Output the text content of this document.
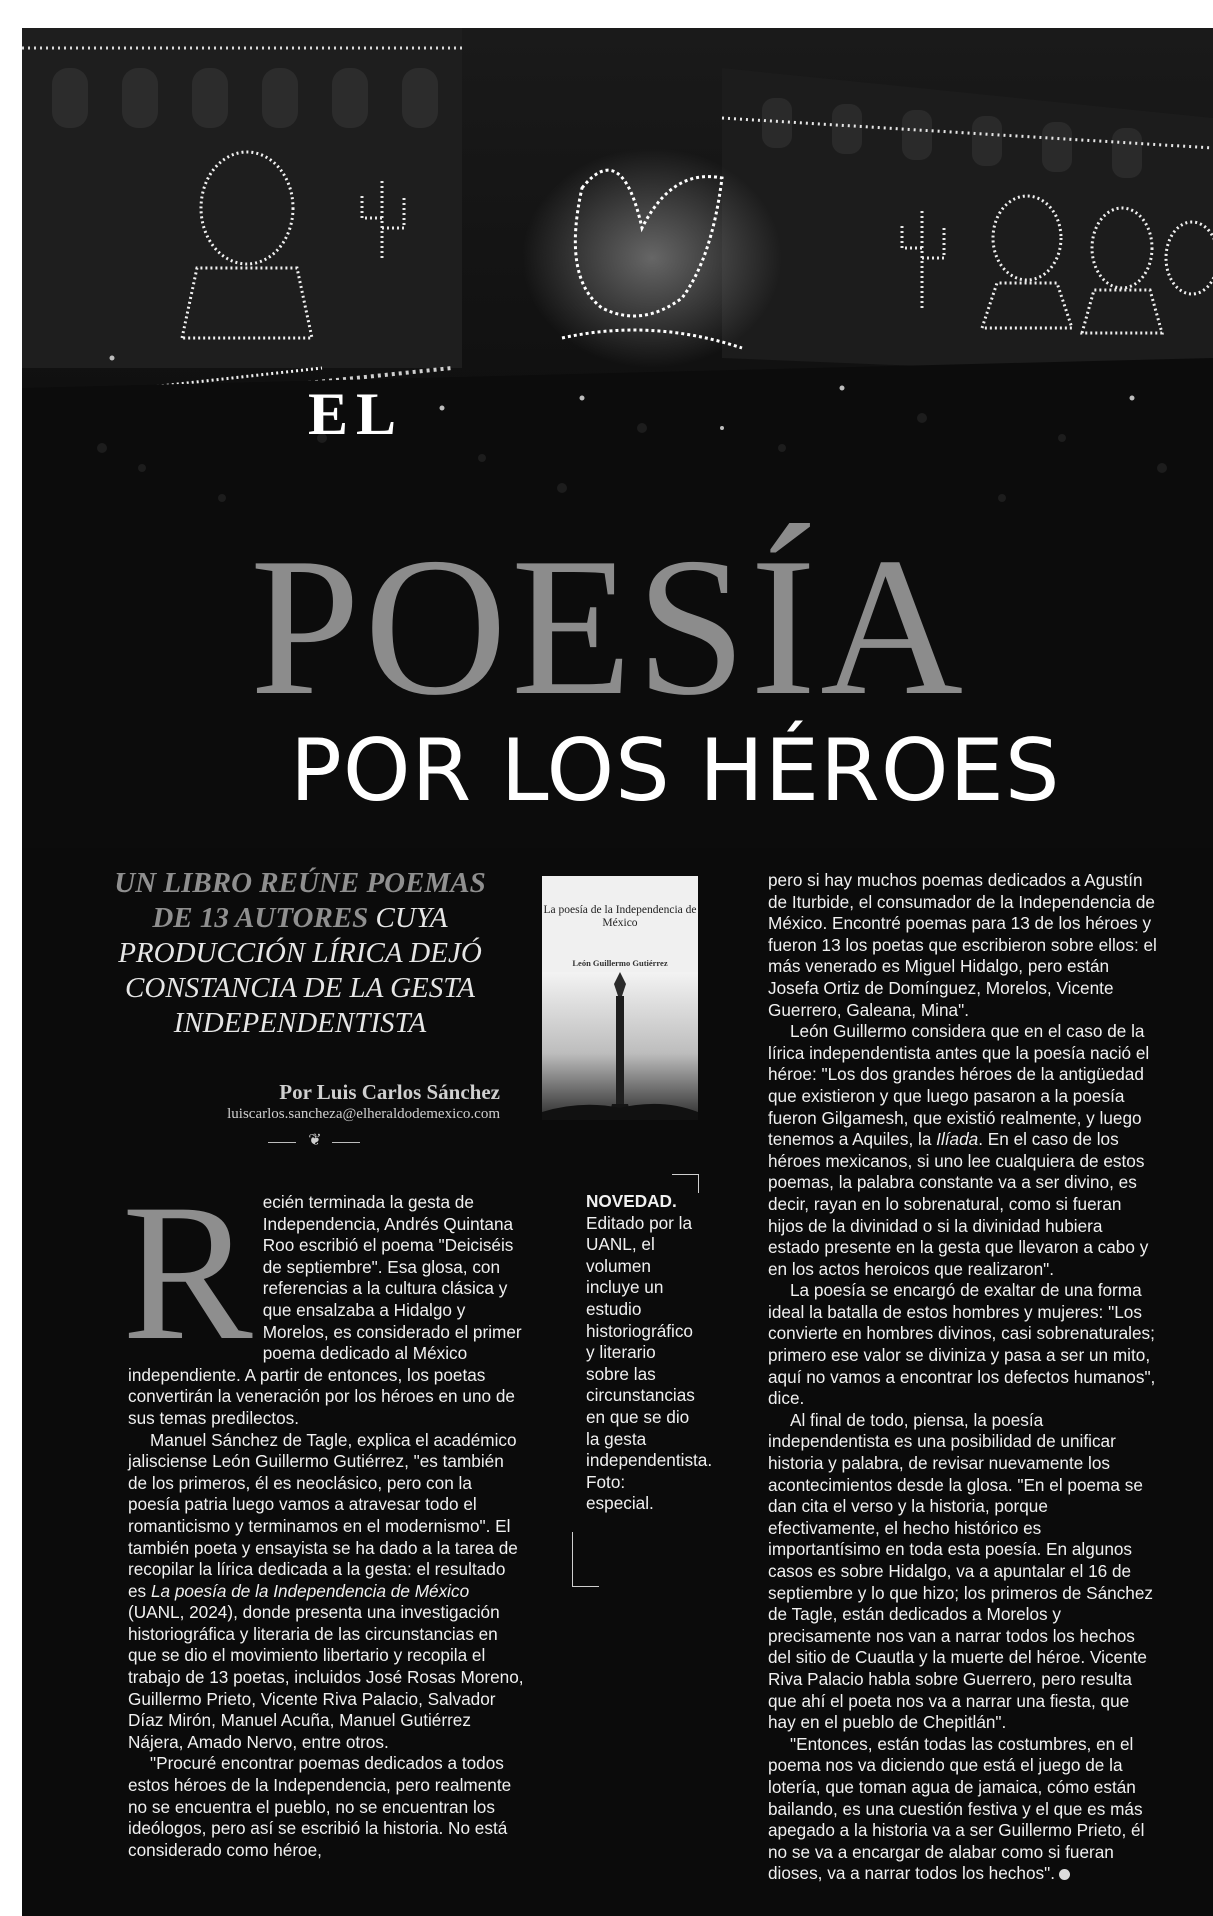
EL
POESÍA
POR LOS HÉROES
UN LIBRO REÚNE POEMAS DE 13 AUTORES CUYA PRODUCCIÓN LÍRICA DEJÓ CONSTANCIA DE LA GESTA INDEPENDENTISTA
Por Luis Carlos Sánchez
luiscarlos.sancheza@elheraldodemexico.com
❦
La poesía de la Independencia de México
León Guillermo Gutiérrez
NOVEDAD. Editado por la UANL, el volumen incluye un estudio historiográfico y literario sobre las circunstancias en que se dio la gesta independentista. Foto: especial.

Recién terminada la gesta de Independencia, Andrés Quintana Roo escribió el poema "Deiciséis de septiembre". Esa glosa, con referencias a la cultura clásica y que ensalzaba a Hidalgo y Morelos, es considerado el primer poema dedicado al México independiente. A partir de entonces, los poetas convertirán la veneración por los héroes en uno de sus temas predilectos.

Manuel Sánchez de Tagle, explica el académico jalisciense León Guillermo Gutiérrez, "es también de los primeros, él es neoclásico, pero con la poesía patria luego vamos a atravesar todo el romanticismo y terminamos en el modernismo". El también poeta y ensayista se ha dado a la tarea de recopilar la lírica dedicada a la gesta: el resultado es La poesía de la Independencia de México (UANL, 2024), donde presenta una investigación historiográfica y literaria de las circunstancias en que se dio el movimiento libertario y recopila el trabajo de 13 poetas, incluidos José Rosas Moreno, Guillermo Prieto, Vicente Riva Palacio, Salvador Díaz Mirón, Manuel Acuña, Manuel Gutiérrez Nájera, Amado Nervo, entre otros.

"Procuré encontrar poemas dedicados a todos estos héroes de la Independencia, pero realmente no se encuentra el pueblo, no se encuentran los ideólogos, pero así se escribió la historia. No está considerado como héroe,

pero si hay muchos poemas dedicados a Agustín de Iturbide, el consumador de la Independencia de México. Encontré poemas para 13 de los héroes y fueron 13 los poetas que escribieron sobre ellos: el más venerado es Miguel Hidalgo, pero están Josefa Ortiz de Domínguez, Morelos, Vicente Guerrero, Galeana, Mina".

León Guillermo considera que en el caso de la lírica independentista antes que la poesía nació el héroe: "Los dos grandes héroes de la antigüedad que existieron y que luego pasaron a la poesía fueron Gilgamesh, que existió realmente, y luego tenemos a Aquiles, la Ilíada. En el caso de los héroes mexicanos, si uno lee cualquiera de estos poemas, la palabra constante va a ser divino, es decir, rayan en lo sobrenatural, como si fueran hijos de la divinidad o si la divinidad hubiera estado presente en la gesta que llevaron a cabo y en los actos heroicos que realizaron".

La poesía se encargó de exaltar de una forma ideal la batalla de estos hombres y mujeres: "Los convierte en hombres divinos, casi sobrenaturales; primero ese valor se diviniza y pasa a ser un mito, aquí no vamos a encontrar los defectos humanos", dice.

Al final de todo, piensa, la poesía independentista es una posibilidad de unificar historia y palabra, de revisar nuevamente los acontecimientos desde la glosa. "En el poema se dan cita el verso y la historia, porque efectivamente, el hecho histórico es importantísimo en toda esta poesía. En algunos casos es sobre Hidalgo, va a apuntalar el 16 de septiembre y lo que hizo; los primeros de Sánchez de Tagle, están dedicados a Morelos y precisamente nos van a narrar todos los hechos del sitio de Cuautla y la muerte del héroe. Vicente Riva Palacio habla sobre Guerrero, pero resulta que ahí el poeta nos va a narrar una fiesta, que hay en el pueblo de Chepitlán".

"Entonces, están todas las costumbres, en el poema nos va diciendo que está el juego de la lotería, que toman agua de jamaica, cómo están bailando, es una cuestión festiva y el que es más apegado a la historia va a ser Guillermo Prieto, él no se va a encargar de alabar como si fueran dioses, va a narrar todos los hechos".
